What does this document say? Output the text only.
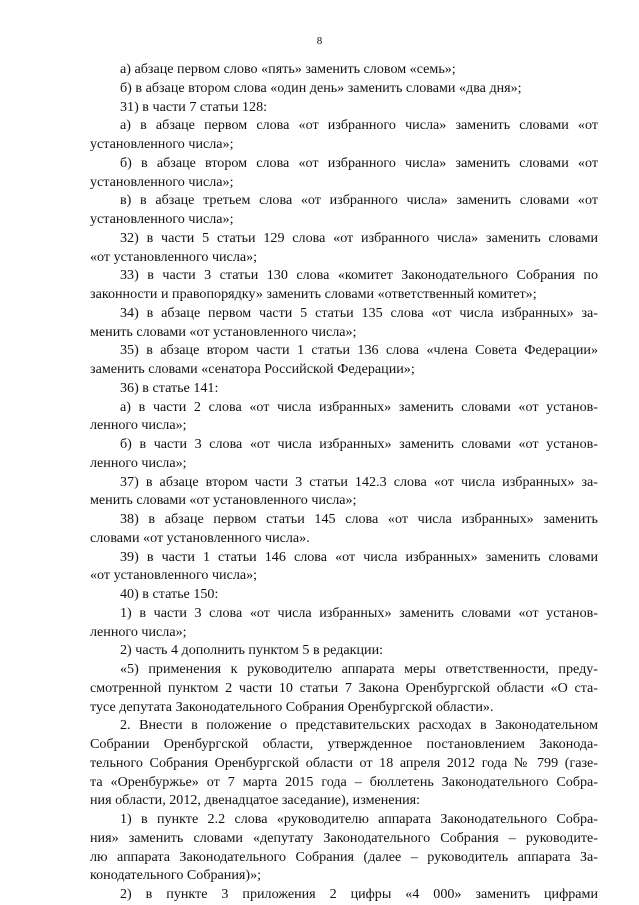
8
а) абзаце первом слово «пять» заменить словом «семь»;
б) в абзаце втором слова «один день» заменить словами «два дня»;
31) в части 7 статьи 128:
а) в абзаце первом слова «от избранного числа» заменить словами «от
установленного числа»;
б) в абзаце втором слова «от избранного числа» заменить словами «от
установленного числа»;
в) в абзаце третьем слова «от избранного числа» заменить словами «от
установленного числа»;
32) в части 5 статьи 129 слова «от избранного числа» заменить словами
«от установленного числа»;
33) в части 3 статьи 130 слова «комитет Законодательного Собрания по
законности и правопорядку» заменить словами «ответственный комитет»;
34) в абзаце первом части 5 статьи 135 слова «от числа избранных» за-
менить словами «от установленного числа»;
35) в абзаце втором части 1 статьи 136 слова «члена Совета Федерации»
заменить словами «сенатора Российской Федерации»;
36) в статье 141:
а) в части 2 слова «от числа избранных» заменить словами «от установ-
ленного числа»;
б) в части 3 слова «от числа избранных» заменить словами «от установ-
ленного числа»;
37) в абзаце втором части 3 статьи 142.3 слова «от числа избранных» за-
менить словами «от установленного числа»;
38) в абзаце первом статьи 145 слова «от числа избранных» заменить
словами «от установленного числа».
39) в части 1 статьи 146 слова «от числа избранных» заменить словами
«от установленного числа»;
40) в статье 150:
1) в части 3 слова «от числа избранных» заменить словами «от установ-
ленного числа»;
2) часть 4 дополнить пунктом 5 в редакции:
«5) применения к руководителю аппарата меры ответственности, преду-
смотренной пунктом 2 части 10 статьи 7 Закона Оренбургской области «О ста-
тусе депутата Законодательного Собрания Оренбургской области».
2. Внести в положение о представительских расходах в Законодательном
Собрании Оренбургской области, утвержденное постановлением Законода-
тельного Собрания Оренбургской области от 18 апреля 2012 года № 799 (газе-
та «Оренбуржье» от 7 марта 2015 года – бюллетень Законодательного Собра-
ния области, 2012, двенадцатое заседание), изменения:
1) в пункте 2.2 слова «руководителю аппарата Законодательного Собра-
ния» заменить словами «депутату Законодательного Собрания – руководите-
лю аппарата Законодательного Собрания (далее – руководитель аппарата За-
конодательного Собрания)»;
2) в пункте 3 приложения 2 цифры «4 000» заменить цифрами
